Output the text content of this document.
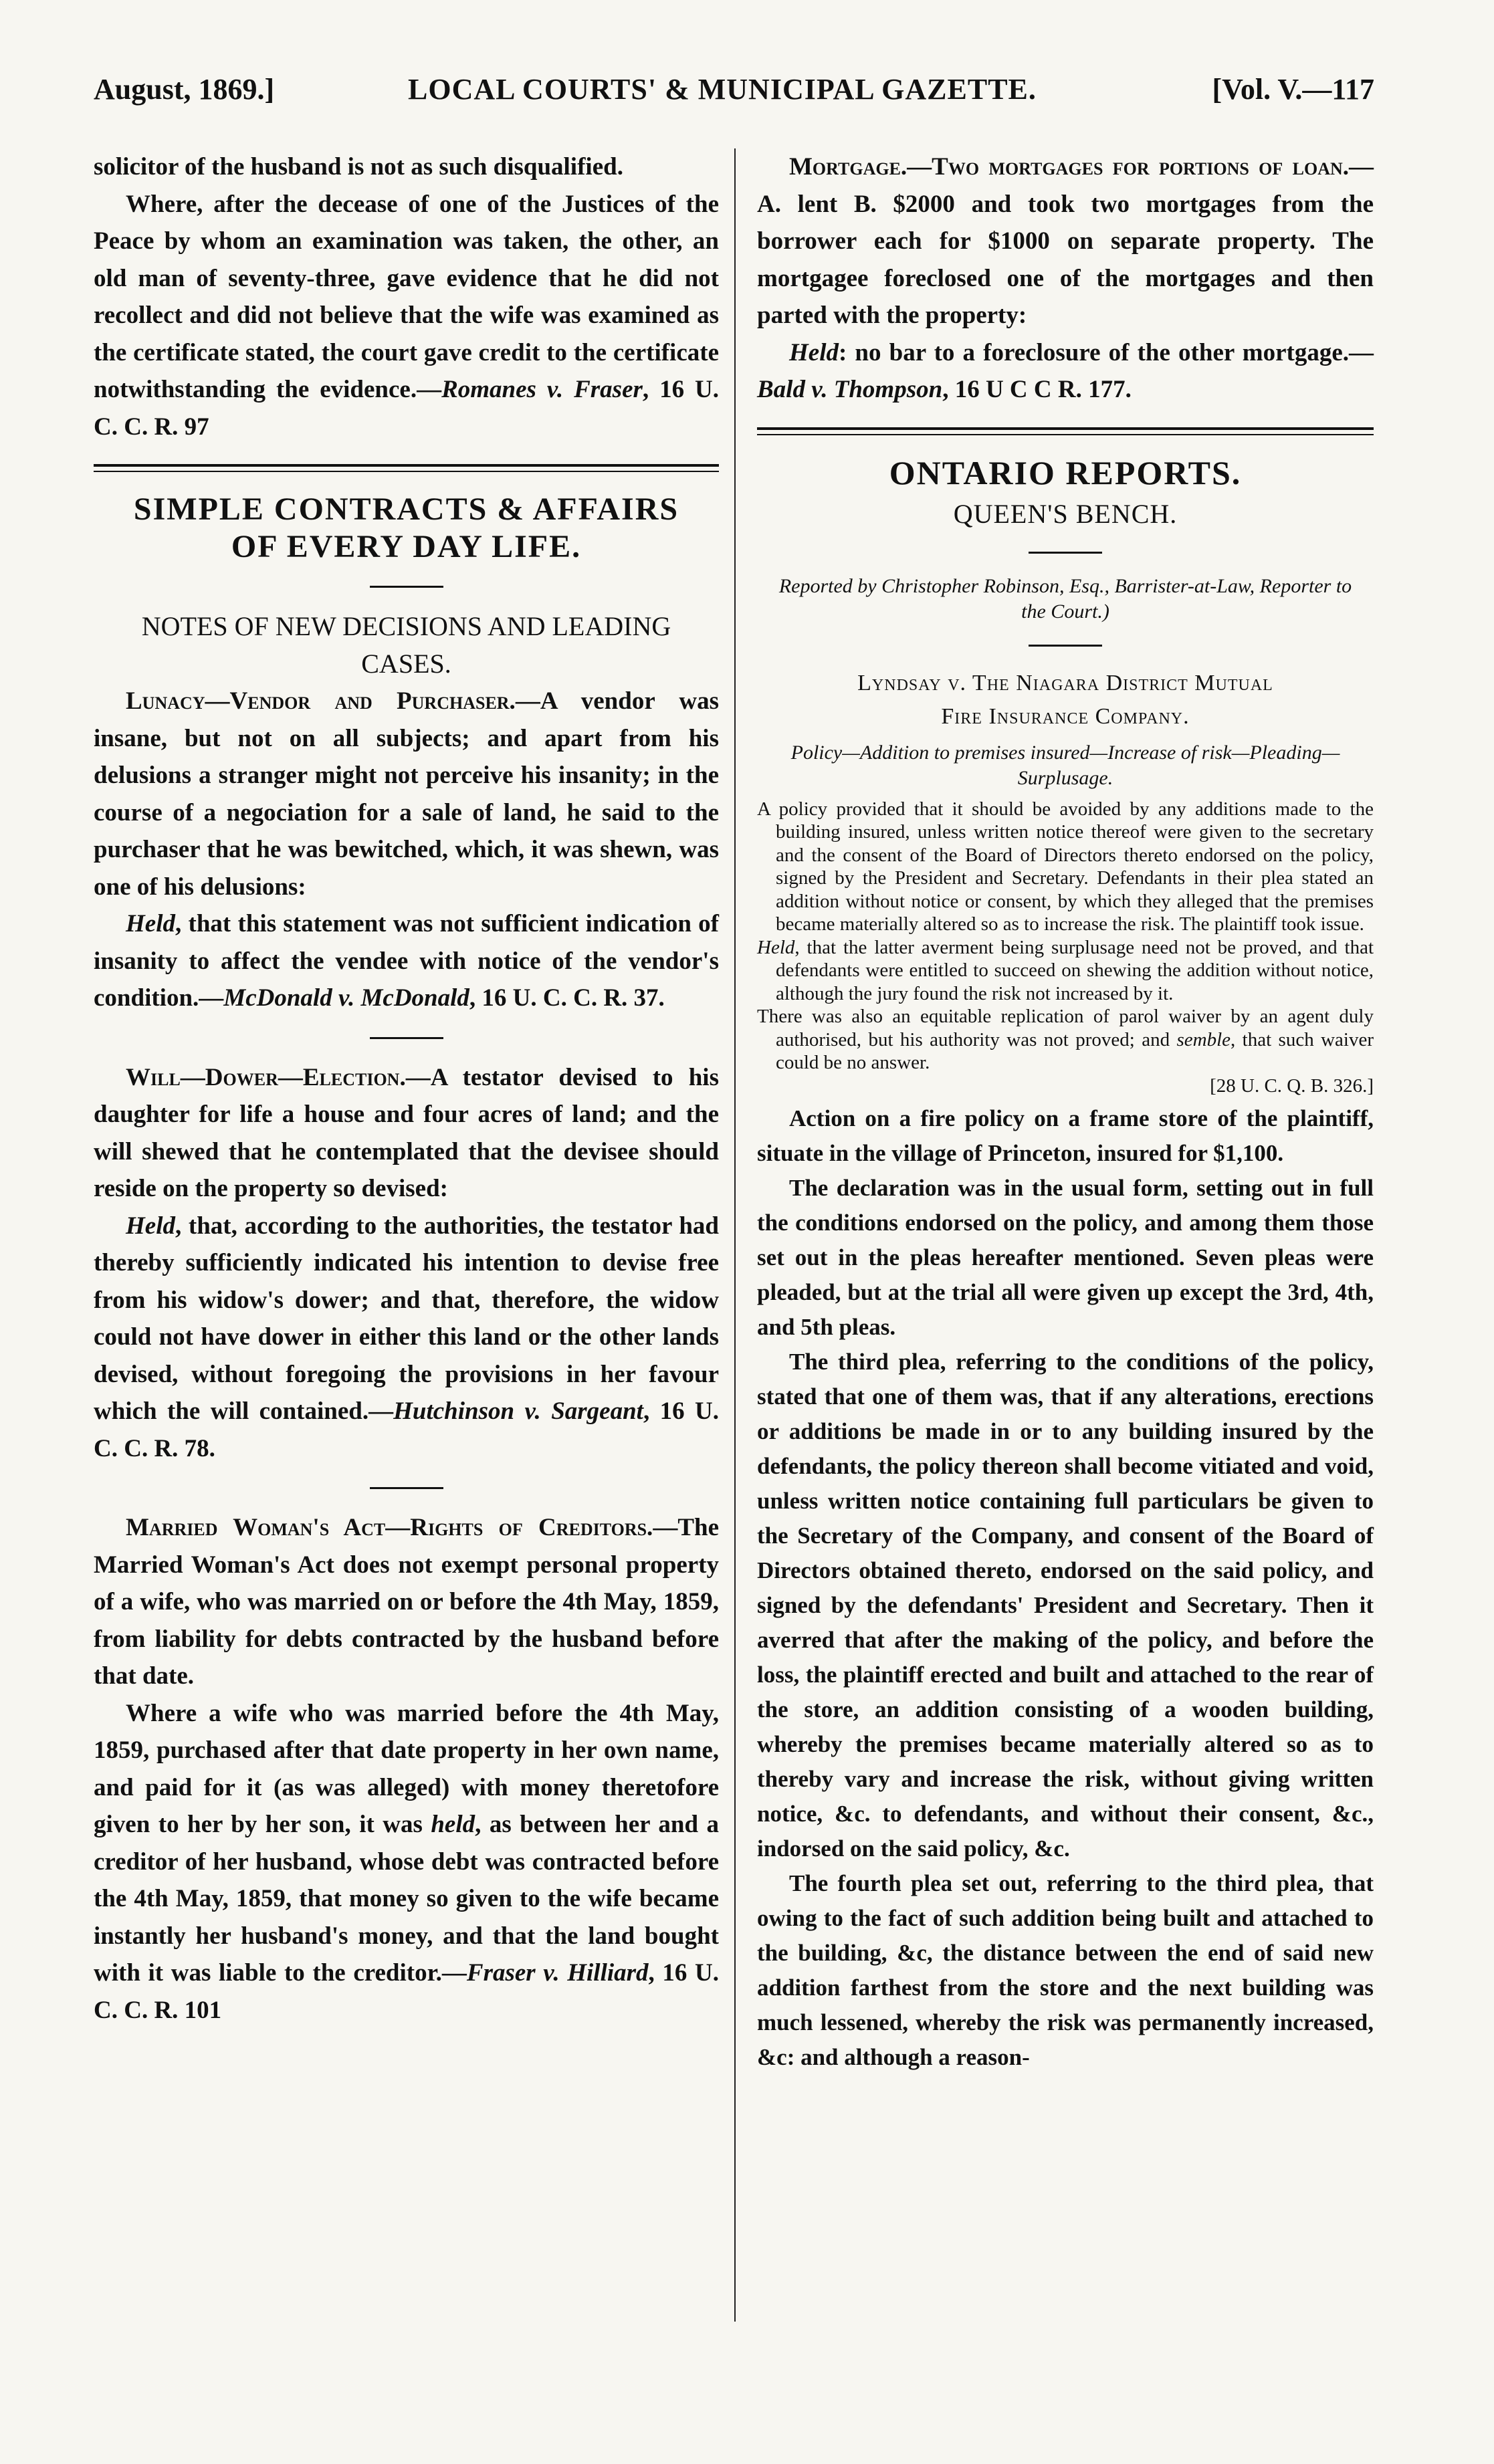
August, 1869.]	LOCAL COURTS' & MUNICIPAL GAZETTE.	[Vol. V.—117

solicitor of the husband is not as such disqualified.

Where, after the decease of one of the Justices of the Peace by whom an examination was taken, the other, an old man of seventy-three, gave evidence that he did not recollect and did not believe that the wife was examined as the certificate stated, the court gave credit to the certificate notwithstanding the evidence.—Romanes v. Fraser, 16 U. C. C. R. 97

SIMPLE CONTRACTS & AFFAIRS
OF EVERY DAY LIFE.
NOTES OF NEW DECISIONS AND LEADING CASES.

Lunacy—Vendor and Purchaser.—A vendor was insane, but not on all subjects; and apart from his delusions a stranger might not perceive his insanity; in the course of a negociation for a sale of land, he said to the purchaser that he was bewitched, which, it was shewn, was one of his delusions:

Held, that this statement was not sufficient indication of insanity to affect the vendee with notice of the vendor's condition.—McDonald v. McDonald, 16 U. C. C. R. 37.

Will—Dower—Election.—A testator devised to his daughter for life a house and four acres of land; and the will shewed that he contemplated that the devisee should reside on the property so devised:

Held, that, according to the authorities, the testator had thereby sufficiently indicated his intention to devise free from his widow's dower; and that, therefore, the widow could not have dower in either this land or the other lands devised, without foregoing the provisions in her favour which the will contained.—Hutchinson v. Sargeant, 16 U. C. C. R. 78.

Married Woman's Act—Rights of Creditors.—The Married Woman's Act does not exempt personal property of a wife, who was married on or before the 4th May, 1859, from liability for debts contracted by the husband before that date.

Where a wife who was married before the 4th May, 1859, purchased after that date property in her own name, and paid for it (as was alleged) with money theretofore given to her by her son, it was held, as between her and a creditor of her husband, whose debt was contracted before the 4th May, 1859, that money so given to the wife became instantly her husband's money, and that the land bought with it was liable to the creditor.—Fraser v. Hilliard, 16 U. C. C. R. 101

Mortgage.—Two mortgages for portions of loan.—A. lent B. $2000 and took two mortgages from the borrower each for $1000 on separate property. The mortgagee foreclosed one of the mortgages and then parted with the property:

Held: no bar to a foreclosure of the other mortgage.—Bald v. Thompson, 16 U C C R. 177.

ONTARIO REPORTS.
QUEEN'S BENCH.
Reported by Christopher Robinson, Esq., Barrister-at-Law, Reporter to the Court.)
Lyndsay v. The Niagara District Mutual
Fire Insurance Company.
Policy—Addition to premises insured—Increase of risk—Pleading—Surplusage.

A policy provided that it should be avoided by any additions made to the building insured, unless written notice thereof were given to the secretary and the consent of the Board of Directors thereto endorsed on the policy, signed by the President and Secretary. Defendants in their plea stated an addition without notice or consent, by which they alleged that the premises became materially altered so as to increase the risk. The plaintiff took issue.

Held, that the latter averment being surplusage need not be proved, and that defendants were entitled to succeed on shewing the addition without notice, although the jury found the risk not increased by it.

There was also an equitable replication of parol waiver by an agent duly authorised, but his authority was not proved; and semble, that such waiver could be no answer.

[28 U. C. Q. B. 326.]

Action on a fire policy on a frame store of the plaintiff, situate in the village of Princeton, insured for $1,100.

The declaration was in the usual form, setting out in full the conditions endorsed on the policy, and among them those set out in the pleas hereafter mentioned. Seven pleas were pleaded, but at the trial all were given up except the 3rd, 4th, and 5th pleas.

The third plea, referring to the conditions of the policy, stated that one of them was, that if any alterations, erections or additions be made in or to any building insured by the defendants, the policy thereon shall become vitiated and void, unless written notice containing full particulars be given to the Secretary of the Company, and consent of the Board of Directors obtained thereto, endorsed on the said policy, and signed by the defendants' President and Secretary. Then it averred that after the making of the policy, and before the loss, the plaintiff erected and built and attached to the rear of the store, an addition consisting of a wooden building, whereby the premises became materially altered so as to thereby vary and increase the risk, without giving written notice, &c. to defendants, and without their consent, &c., indorsed on the said policy, &c.

The fourth plea set out, referring to the third plea, that owing to the fact of such addition being built and attached to the building, &c, the distance between the end of said new addition farthest from the store and the next building was much lessened, whereby the risk was permanently increased, &c: and although a reason-
